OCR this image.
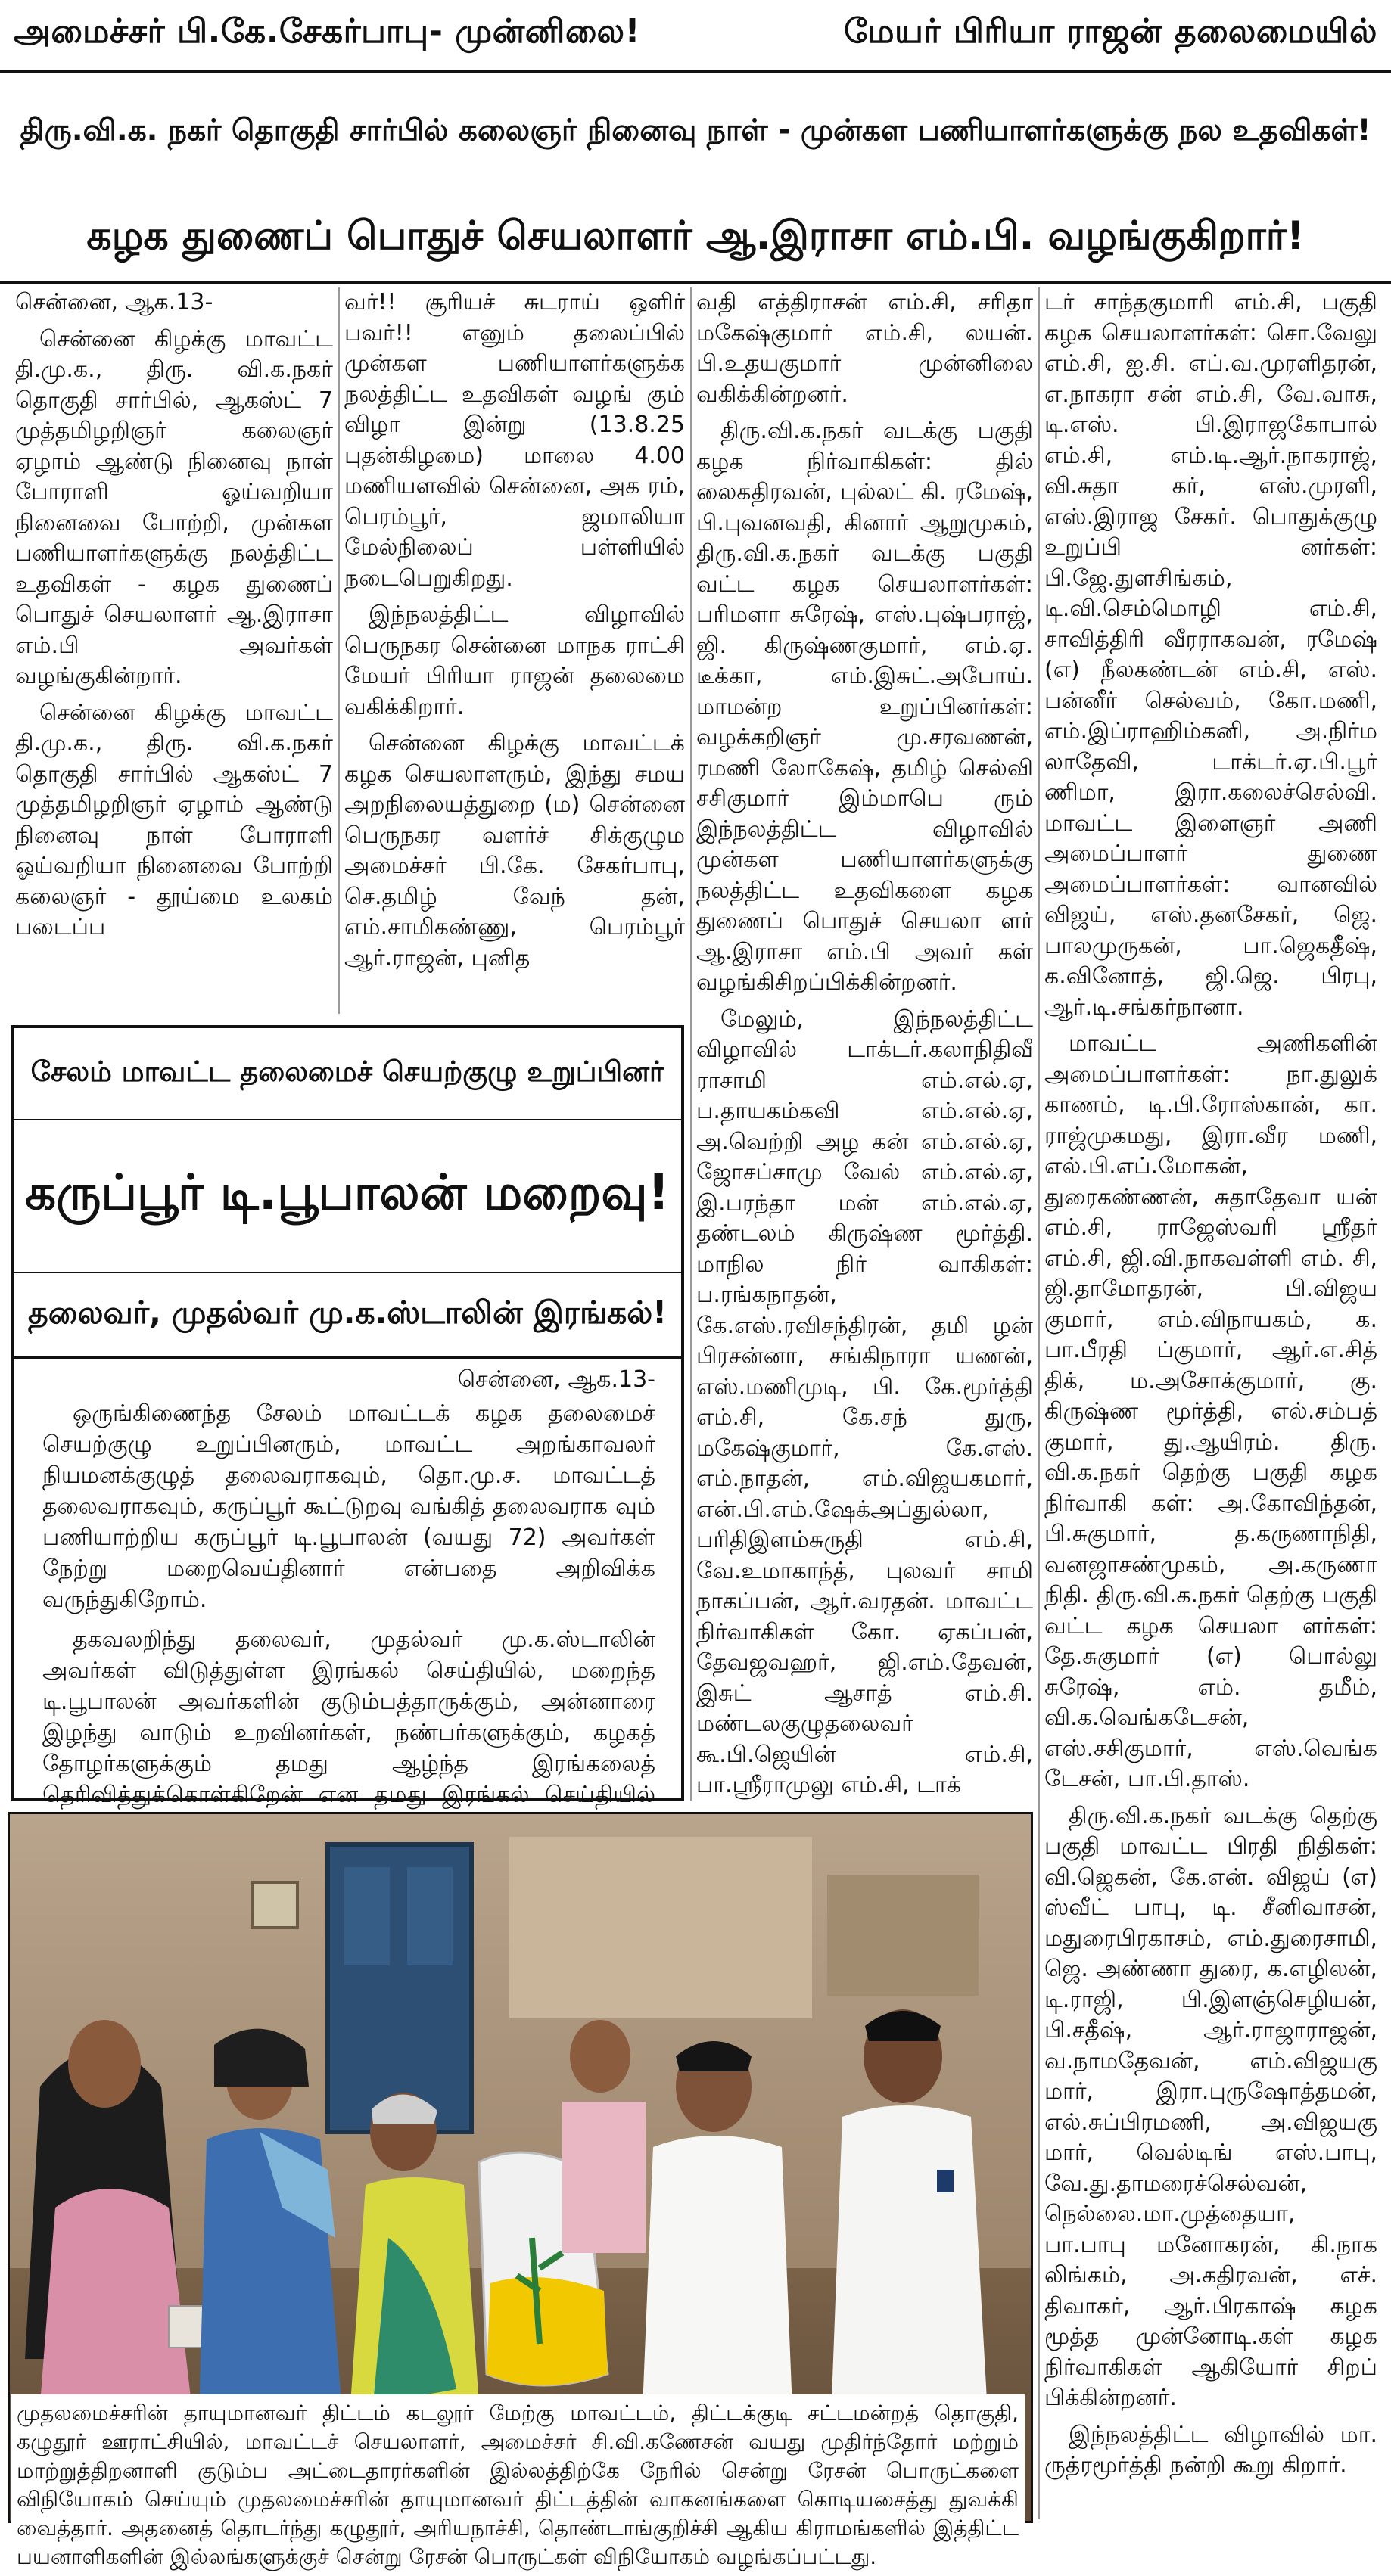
அமைச்சர் பி.கே.சேகர்பாபு- முன்னிலை!	மேயர் பிரியா ராஜன் தலைமையில்
திரு.வி.க. நகர் தொகுதி சார்பில் கலைஞர் நினைவு நாள் - முன்கள பணியாளர்களுக்கு நல உதவிகள்!
கழக துணைப் பொதுச் செயலாளர் ஆ.இராசா எம்.பி. வழங்குகிறார்!

சென்னை, ஆக.13-

சென்னை கிழக்கு மாவட்ட தி.மு.க., திரு. வி.க.நகர் தொகுதி சார்பில், ஆகஸ்ட் 7 முத்தமிழறிஞர் கலைஞர் ஏழாம் ஆண்டு நினைவு நாள் போராளி ஓய்வறியா நினைவை போற்றி, முன்கள பணியாளர்களுக்கு நலத்திட்ட உதவிகள் - கழக துணைப் பொதுச் செயலாளர் ஆ.இராசா எம்.பி அவர்கள் வழங்குகின்றார்.

சென்னை கிழக்கு மாவட்ட தி.மு.க., திரு. வி.க.நகர் தொகுதி சார்பில் ஆகஸ்ட் 7 முத்தமிழறிஞர் ஏழாம் ஆண்டு நினைவு நாள் போராளி ஓய்வறியா நினைவை போற்றி கலைஞர் - தூய்மை உலகம் படைப்ப

வர்!! சூரியச் சுடராய் ஒளிர் பவர்!! எனும் தலைப்பில் முன்கள பணியாளர்களுக்க நலத்திட்ட உதவிகள் வழங் கும் விழா இன்று (13.8.25 புதன்கிழமை) மாலை 4.00 மணியளவில் சென்னை, அக ரம், பெரம்பூர், ஜமாலியா மேல்நிலைப் பள்ளியில் நடைபெறுகிறது.

இந்நலத்திட்ட விழாவில் பெருநகர சென்னை மாநக ராட்சி மேயர் பிரியா ராஜன் தலைமை வகிக்கிறார்.

சென்னை கிழக்கு மாவட்டக் கழக செயலாளரும், இந்து சமய அறநிலையத்துறை (ம) சென்னை பெருநகர வளர்ச் சிக்குழும அமைச்சர் பி.கே. சேகர்பாபு, செ.தமிழ் வேந் தன், எம்.சாமிகண்ணு, பெரம்பூர் ஆர்.ராஜன், புனித

வதி எத்திராசன் எம்.சி, சரிதா மகேஷ்குமார் எம்.சி, லயன். பி.உதயகுமார் முன்னிலை வகிக்கின்றனர்.

திரு.வி.க.நகர் வடக்கு பகுதி கழக நிர்வாகிகள்: தில் லைகதிரவன், புல்லட் கி. ரமேஷ், பி.புவனவதி, கினார் ஆறுமுகம், திரு.வி.க.நகர் வடக்கு பகுதி வட்ட கழக செயலாளர்கள்: பரிமளா சுரேஷ், எஸ்.புஷ்பராஜ், ஜி. கிருஷ்ணகுமார், எம்.ஏ. டீக்கா, எம்.இசுட்.அபோய். மாமன்ற உறுப்பினர்கள்: வழக்கறிஞர் மு.சரவணன், ரமணி லோகேஷ், தமிழ் செல்வி சசிகுமார் இம்மாபெ ரும் இந்நலத்திட்ட விழாவில் முன்கள பணியாளர்களுக்கு நலத்திட்ட உதவிகளை கழக துணைப் பொதுச் செயலா ளர் ஆ.இராசா எம்.பி அவர் கள் வழங்கிசிறப்பிக்கின்றனர்.

மேலும், இந்நலத்திட்ட விழாவில் டாக்டர்.கலாநிதிவீ ராசாமி எம்.எல்.ஏ, ப.தாயகம்கவி எம்.எல்.ஏ, அ.வெற்றி அழ கன் எம்.எல்.ஏ, ஜோசப்சாமு வேல் எம்.எல்.ஏ, இ.பரந்தா மன் எம்.எல்.ஏ, தண்டலம் கிருஷ்ண மூர்த்தி. மாநில நிர் வாகிகள்: ப.ரங்கநாதன், கே.எஸ்.ரவிசந்திரன், தமி ழன் பிரசன்னா, சங்கிநாரா யணன், எஸ்.மணிமுடி, பி. கே.மூர்த்தி எம்.சி, கே.சந் துரு, மகேஷ்குமார், கே.எஸ். எம்.நாதன், எம்.விஜயகமார், என்.பி.எம்.ஷேக்அப்துல்லா, பரிதிஇளம்சுருதி எம்.சி, வே.உமாகாந்த், புலவர் சாமி நாகப்பன், ஆர்.வரதன். மாவட்ட நிர்வாகிகள் கோ. ஏகப்பன், தேவஜவஹர், ஜி.எம்.தேவன், இசுட் ஆசாத் எம்.சி. மண்டலகுழுதலைவர் கூ.பி.ஜெயின் எம்.சி, பா.ஸ்ரீராமுலு எம்.சி, டாக்

டர் சாந்தகுமாரி எம்.சி, பகுதி கழக செயலாளர்கள்: சொ.வேலு எம்.சி, ஐ.சி. எப்.வ.முரளிதரன், எ.நாகரா சன் எம்.சி, வே.வாசு, டி.எஸ். பி.இராஜகோபால் எம்.சி, எம்.டி.ஆர்.நாகராஜ், வி.சுதா கர், எஸ்.முரளி, எஸ்.இராஜ சேகர். பொதுக்குழு உறுப்பி னர்கள்: பி.ஜே.துளசிங்கம், டி.வி.செம்மொழி எம்.சி, சாவித்திரி வீரராகவன், ரமேஷ் (எ) நீலகண்டன் எம்.சி, எஸ். பன்னீர் செல்வம், கோ.மணி, எம்.இப்ராஹிம்கனி, அ.நிர்ம லாதேவி, டாக்டர்.ஏ.பி.பூர் ணிமா, இரா.கலைச்செல்வி. மாவட்ட இளைஞர் அணி அமைப்பாளர் துணை அமைப்பாளர்கள்: வானவில் விஜய், எஸ்.தனசேகர், ஜெ. பாலமுருகன், பா.ஜெகதீஷ், க.வினோத், ஜி.ஜெ. பிரபு, ஆர்.டி.சங்கர்நானா.

மாவட்ட அணிகளின் அமைப்பாளர்கள்: நா.துலுக் காணம், டி.பி.ரோஸ்கான், கா. ராஜ்முகமது, இரா.வீர மணி, எல்.பி.எப்.மோகன், துரைகண்ணன், சுதாதேவா யன் எம்.சி, ராஜேஸ்வரி ஸ்ரீதர் எம்.சி, ஜி.வி.நாகவள்ளி எம். சி, ஜி.தாமோதரன், பி.விஜய குமார், எம்.விநாயகம், க. பா.பீரதி ப்குமார், ஆர்.எ.சித் திக், ம.அசோக்குமார், கு. கிருஷ்ண மூர்த்தி, எல்.சம்பத் குமார், து.ஆயிரம். திரு. வி.க.நகர் தெற்கு பகுதி கழக நிர்வாகி கள்: அ.கோவிந்தன், பி.சுகுமார், த.கருணாநிதி, வனஜாசண்முகம், அ.கருணா நிதி. திரு.வி.க.நகர் தெற்கு பகுதி வட்ட கழக செயலா ளர்கள்: தே.சுகுமார் (எ) பொல்லு சுரேஷ், எம். தமீம், வி.க.வெங்கடேசன், எஸ்.சசிகுமார், எஸ்.வெங்க டேசன், பா.பி.தாஸ்.

திரு.வி.க.நகர் வடக்கு தெற்கு பகுதி மாவட்ட பிரதி நிதிகள்: வி.ஜெகன், கே.என். விஜய் (எ) ஸ்வீட் பாபு, டி. சீனிவாசன், மதுரைபிரகாசம், எம்.துரைசாமி, ஜெ. அண்ணா துரை, க.எழிலன், டி.ராஜி, பி.இளஞ்செழியன், பி.சதீஷ், ஆர்.ராஜாராஜன், வ.நாமதேவன், எம்.விஜயகு மார், இரா.புருஷோத்தமன், எல்.சுப்பிரமணி, அ.விஜயகு மார், வெல்டிங் எஸ்.பாபு, வே.து.தாமரைச்செல்வன், நெல்லை.மா.முத்தையா, பா.பாபு மனோகரன், கி.நாக லிங்கம், அ.கதிரவன், எச். திவாகர், ஆர்.பிரகாஷ் கழக மூத்த முன்னோடி.கள் கழக நிர்வாகிகள் ஆகியோர் சிறப் பிக்கின்றனர்.

இந்நலத்திட்ட விழாவில் மா. ருத்ரமூர்த்தி நன்றி கூறு கிறார்.

சேலம் மாவட்ட தலைமைச் செயற்குழு உறுப்பினர்
கருப்பூர் டி.பூபாலன் மறைவு!
தலைவர், முதல்வர் மு.க.ஸ்டாலின் இரங்கல்!

சென்னை, ஆக.13-

ஒருங்கிணைந்த சேலம் மாவட்டக் கழக தலைமைச் செயற்குழு உறுப்பினரும், மாவட்ட அறங்காவலர் நியமனக்குழுத் தலைவராகவும், தொ.மு.ச. மாவட்டத் தலைவராகவும், கருப்பூர் கூட்டுறவு வங்கித் தலைவராக வும் பணியாற்றிய கருப்பூர் டி.பூபாலன் (வயது 72) அவர்கள் நேற்று மறைவெய்தினார் என்பதை அறிவிக்க வருந்துகிறோம்.

தகவலறிந்து தலைவர், முதல்வர் மு.க.ஸ்டாலின் அவர்கள் விடுத்துள்ள இரங்கல் செய்தியில், மறைந்த டி.பூபாலன் அவர்களின் குடும்பத்தாருக்கும், அன்னாரை இழந்து வாடும் உறவினர்கள், நண்பர்களுக்கும், கழகத் தோழர்களுக்கும் தமது ஆழ்ந்த இரங்கலைத் தெரிவித்துக்கொள்கிறேன் என தமது இரங்கல் செய்தியில்

முதலமைச்சரின் தாயுமானவர் திட்டம் கடலூர் மேற்கு மாவட்டம், திட்டக்குடி சட்டமன்றத் தொகுதி, கழுதூர் ஊராட்சியில், மாவட்டச் செயலாளர், அமைச்சர் சி.வி.கணேசன் வயது முதிர்ந்தோர் மற்றும் மாற்றுத்திறனாளி குடும்ப அட்டைதாரர்களின் இல்லத்திற்கே நேரில் சென்று ரேசன் பொருட்களை விநியோகம் செய்யும் முதலமைச்சரின் தாயுமானவர் திட்டத்தின் வாகனங்களை கொடியசைத்து துவக்கி வைத்தார். அதனைத் தொடர்ந்து கழுதூர், அரியநாச்சி, தொண்டாங்குறிச்சி ஆகிய கிராமங்களில் இத்திட்ட பயனாளிகளின் இல்லங்களுக்குச் சென்று ரேசன் பொருட்கள் விநியோகம் வழங்கப்பட்டது.
